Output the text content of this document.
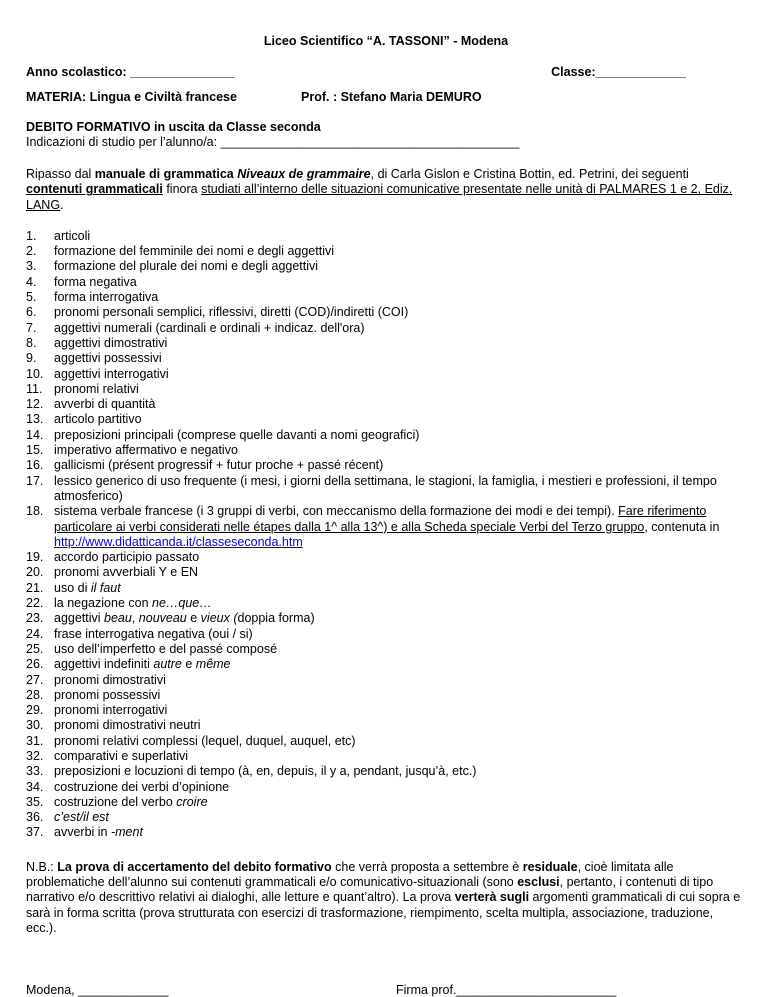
Liceo Scientifico “A. TASSONI” - Modena
Anno scolastico: _______________	Classe:_____________
MATERIA: Lingua e Civiltà francese	Prof. : Stefano Maria DEMURO
DEBITO FORMATIVO in uscita da Classe seconda
Indicazioni di studio per l’alunno/a: ___________________________________________

Ripasso dal manuale di grammatica Niveaux de grammaire, di Carla Gislon e Cristina Bottin, ed. Petrini, dei seguenti contenuti grammaticali finora studiati all’interno delle situazioni comunicative presentate nelle unità di PALMARES 1 e 2, Ediz. LANG.

1.	articoli
2.	formazione del femminile dei nomi e degli aggettivi
3.	formazione del plurale dei nomi e degli aggettivi
4.	forma negativa
5.	forma interrogativa
6.	pronomi personali semplici, riflessivi, diretti (COD)/indiretti (COI)
7.	aggettivi numerali (cardinali e ordinali + indicaz. dell'ora)
8.	aggettivi dimostrativi
9.	aggettivi possessivi
10. aggettivi interrogativi
11. pronomi relativi
12. avverbi di quantità
13. articolo partitivo
14. preposizioni principali (comprese quelle davanti a nomi geografici)
15. imperativo affermativo e negativo
16. gallicismi (présent progressif + futur proche + passé récent)
17. lessico generico di uso frequente (i mesi, i giorni della settimana, le stagioni, la famiglia, i mestieri e professioni, il tempo atmosferico)
18. sistema verbale francese (i 3 gruppi di verbi, con meccanismo della formazione dei modi e dei tempi). Fare riferimento particolare ai verbi considerati nelle étapes dalla 1^ alla 13^) e alla Scheda speciale Verbi del Terzo gruppo, contenuta in http://www.didatticanda.it/classeseconda.htm
19. accordo participio passato
20. pronomi avverbiali Y e EN
21. uso di il faut
22. la negazione con ne…que…
23. aggettivi beau, nouveau e vieux (doppia forma)
24. frase interrogativa negativa (oui / si)
25. uso dell’imperfetto e del passé composé
26. aggettivi indefiniti autre e même
27. pronomi dimostrativi
28. pronomi possessivi
29. pronomi interrogativi
30. pronomi dimostrativi neutri
31. pronomi relativi complessi (lequel, duquel, auquel, etc)
32. comparativi e superlativi
33. preposizioni e locuzioni di tempo (à, en, depuis, il y a, pendant, jusqu’à, etc.)
34. costruzione dei verbi d’opinione
35. costruzione del verbo croire
36. c’est/il est
37. avverbi in -ment

N.B.: La prova di accertamento del debito formativo che verrà proposta a settembre è residuale, cioè limitata alle problematiche dell’alunno sui contenuti grammaticali e/o comunicativo-situazionali (sono esclusi, pertanto, i contenuti di tipo narrativo e/o descrittivo relativi ai dialoghi, alle letture e quant’altro). La prova verterà sugli argomenti grammaticali di cui sopra e sarà in forma scritta (prova strutturata con esercizi di trasformazione, riempimento, scelta multipla, associazione, traduzione, ecc.).

Modena, _____________	Firma prof._______________________
